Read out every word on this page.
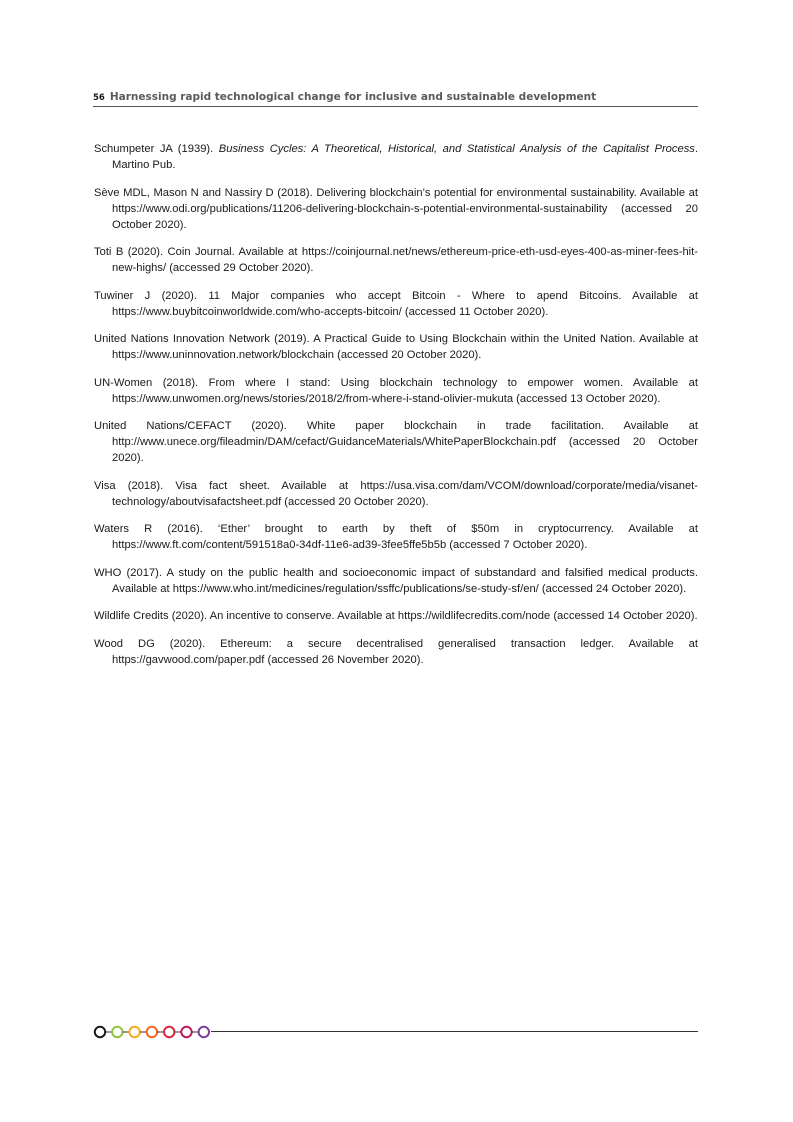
56 Harnessing rapid technological change for inclusive and sustainable development

Schumpeter JA (1939). Business Cycles: A Theoretical, Historical, and Statistical Analysis of the Capitalist Process. Martino Pub.

Sève MDL, Mason N and Nassiry D (2018). Delivering blockchain’s potential for environmental sustainability. Available at https://www.odi.org/publications/11206-delivering-blockchain-s-potential-environmental-sustainability (accessed 20 October 2020).

Toti B (2020). Coin Journal. Available at https://coinjournal.net/news/ethereum-price-eth-usd-eyes-400-as-miner-fees-hit-new-highs/ (accessed 29 October 2020).

Tuwiner J (2020). 11 Major companies who accept Bitcoin - Where to apend Bitcoins. Available at https://www.buybitcoinworldwide.com/who-accepts-bitcoin/ (accessed 11 October 2020).

United Nations Innovation Network (2019). A Practical Guide to Using Blockchain within the United Nation. Available at https://www.uninnovation.network/blockchain (accessed 20 October 2020).

UN-Women (2018). From where I stand: Using blockchain technology to empower women. Available at https://www.unwomen.org/news/stories/2018/2/from-where-i-stand-olivier-mukuta (accessed 13 October 2020).

United Nations/CEFACT (2020). White paper blockchain in trade facilitation. Available at http://www.unece.org/fileadmin/DAM/cefact/GuidanceMaterials/WhitePaperBlockchain.pdf (accessed 20 October 2020).

Visa (2018). Visa fact sheet. Available at https://usa.visa.com/dam/VCOM/download/corporate/media/visanet-technology/aboutvisafactsheet.pdf (accessed 20 October 2020).

Waters R (2016). ‘Ether’ brought to earth by theft of $50m in cryptocurrency. Available at https://www.ft.com/content/591518a0-34df-11e6-ad39-3fee5ffe5b5b (accessed 7 October 2020).

WHO (2017). A study on the public health and socioeconomic impact of substandard and falsified medical products. Available at https://www.who.int/medicines/regulation/ssffc/publications/se-study-sf/en/ (accessed 24 October 2020).

Wildlife Credits (2020). An incentive to conserve. Available at https://wildlifecredits.com/node (accessed 14 October 2020).

Wood DG (2020). Ethereum: a secure decentralised generalised transaction ledger. Available at https://gavwood.com/paper.pdf (accessed 26 November 2020).
